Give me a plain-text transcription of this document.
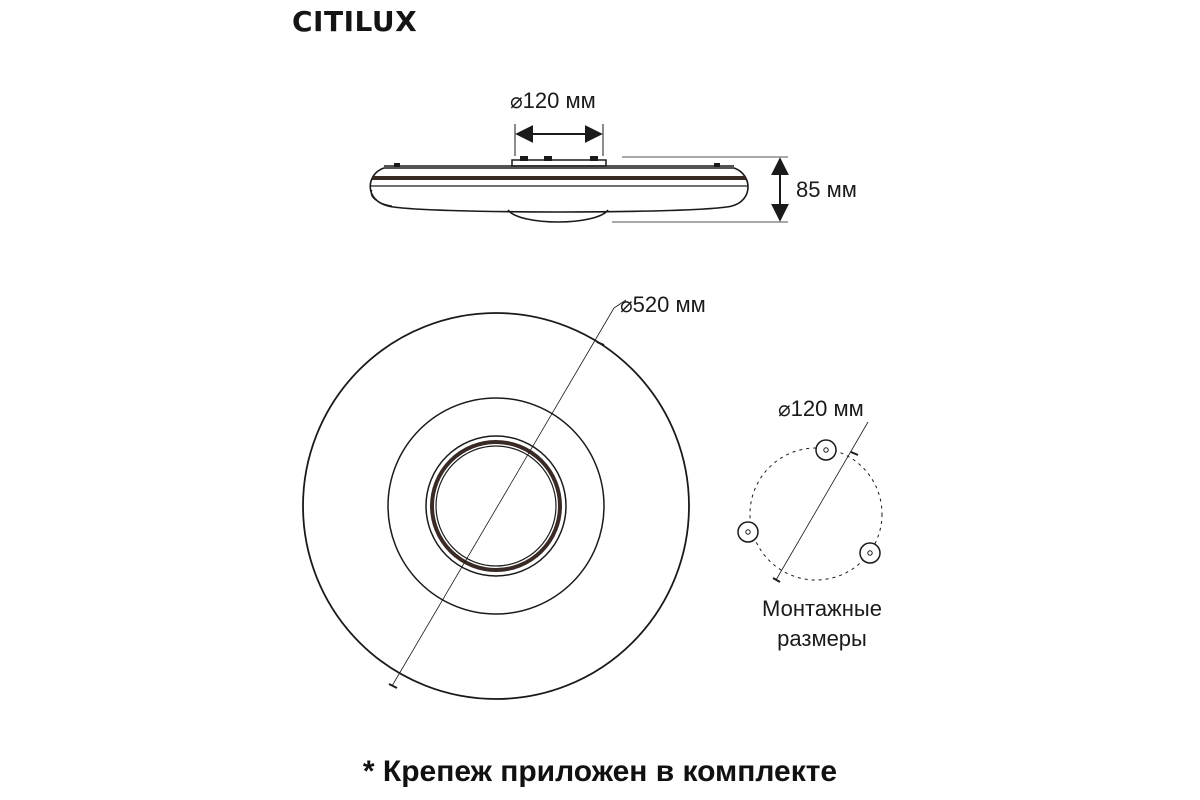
CITILUX
⌀120 мм
85 мм
⌀520 мм
⌀120 мм
Монтажные
размеры
* Крепеж приложен в комплекте
